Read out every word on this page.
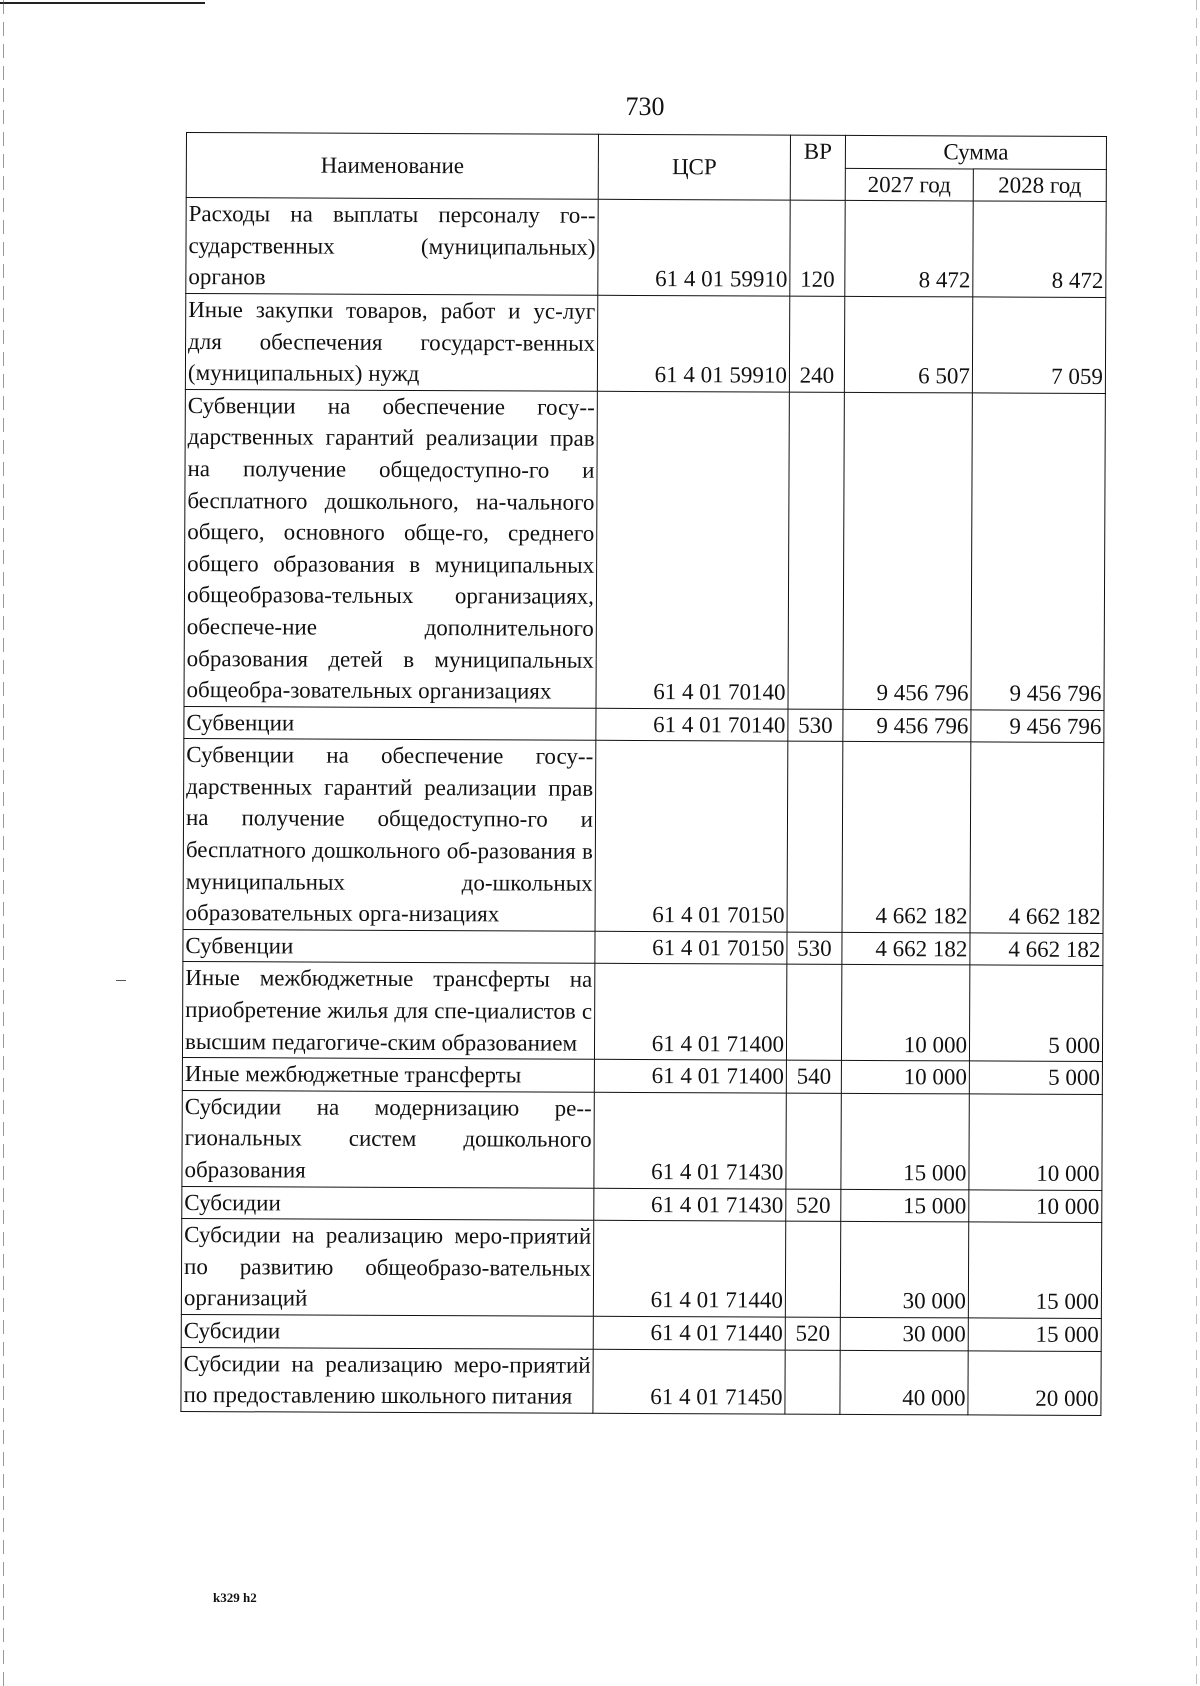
730
Наименование	ЦСР	ВР	Сумма	
			2027 год	2028 год
Расходы на выплаты персоналу го-сударственных (муниципальных) органов	61 4 01 59910	120	8 472	8 472
Иные закупки товаров, работ и ус-луг для обеспечения государст-венных (муниципальных) нужд	61 4 01 59910	240	6 507	7 059
Субвенции на обеспечение госу-дарственных гарантий реализации прав на получение общедоступно-го и бесплатного дошкольного, на-чального общего, основного обще-го, среднего общего образования в муниципальных общеобразова-тельных организациях, обеспече-ние дополнительного образования детей в муниципальных общеобра-зовательных организациях	61 4 01 70140		9 456 796	9 456 796
Субвенции	61 4 01 70140	530	9 456 796	9 456 796
Субвенции на обеспечение госу-дарственных гарантий реализации прав на получение общедоступно-го и бесплатного дошкольного об-разования в муниципальных до-школьных образовательных орга-низациях	61 4 01 70150		4 662 182	4 662 182
Субвенции	61 4 01 70150	530	4 662 182	4 662 182
Иные межбюджетные трансферты на приобретение жилья для спе-циалистов с высшим педагогиче-ским образованием	61 4 01 71400		10 000	5 000
Иные межбюджетные трансферты	61 4 01 71400	540	10 000	5 000
Субсидии на модернизацию ре-гиональных систем дошкольного образования	61 4 01 71430		15 000	10 000
Субсидии	61 4 01 71430	520	15 000	10 000
Субсидии на реализацию меро-приятий по развитию общеобразо-вательных организаций	61 4 01 71440		30 000	15 000
Субсидии	61 4 01 71440	520	30 000	15 000
Субсидии на реализацию меро-приятий по предоставлению школьного питания	61 4 01 71450		40 000	20 000
k329 h2
